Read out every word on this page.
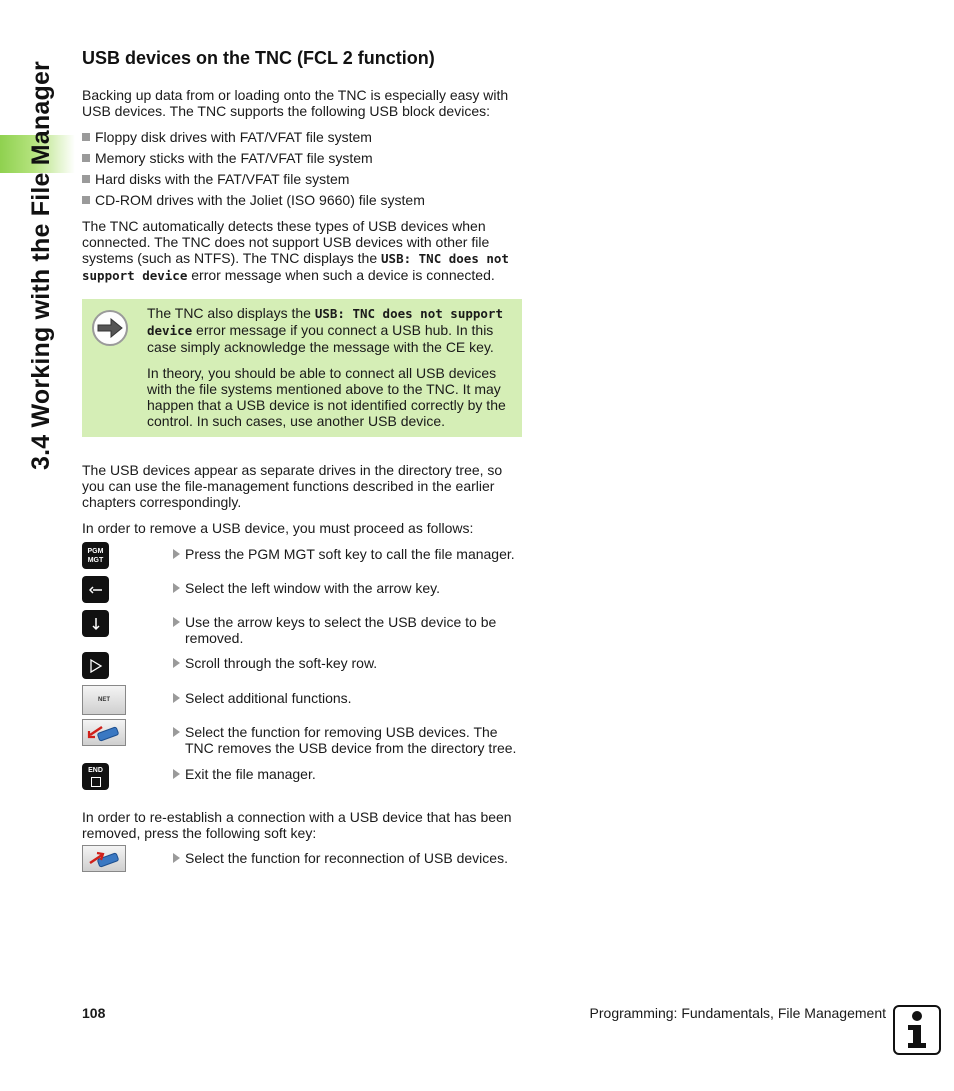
3.4 Working with the File Manager
USB devices on the TNC (FCL 2 function)

Backing up data from or loading onto the TNC is especially easy with USB devices. The TNC supports the following USB block devices:

Floppy disk drives with FAT/VFAT file system
Memory sticks with the FAT/VFAT file system
Hard disks with the FAT/VFAT file system
CD-ROM drives with the Joliet (ISO 9660) file system

The TNC automatically detects these types of USB devices when connected. The TNC does not support USB devices with other file systems (such as NTFS). The TNC displays the USB: TNC does not support device error message when such a device is connected.

The TNC also displays the USB: TNC does not support device error message if you connect a USB hub. In this case simply acknowledge the message with the CE key.

In theory, you should be able to connect all USB devices with the file systems mentioned above to the TNC. It may happen that a USB device is not identified correctly by the control. In such cases, use another USB device.

The USB devices appear as separate drives in the directory tree, so you can use the file-management functions described in the earlier chapters correspondingly.

In order to remove a USB device, you must proceed as follows:

PGM
MGT	Press the PGM MGT soft key to call the file manager.
Select the left window with the arrow key.
Use the arrow keys to select the USB device to be removed.
Scroll through the soft-key row.
NET	Select additional functions.
Select the function for removing USB devices. The TNC removes the USB device from the directory tree.
END	Exit the file manager.

In order to re-establish a connection with a USB device that has been removed, press the following soft key:

Select the function for reconnection of USB devices.
108	Programming: Fundamentals, File Management
